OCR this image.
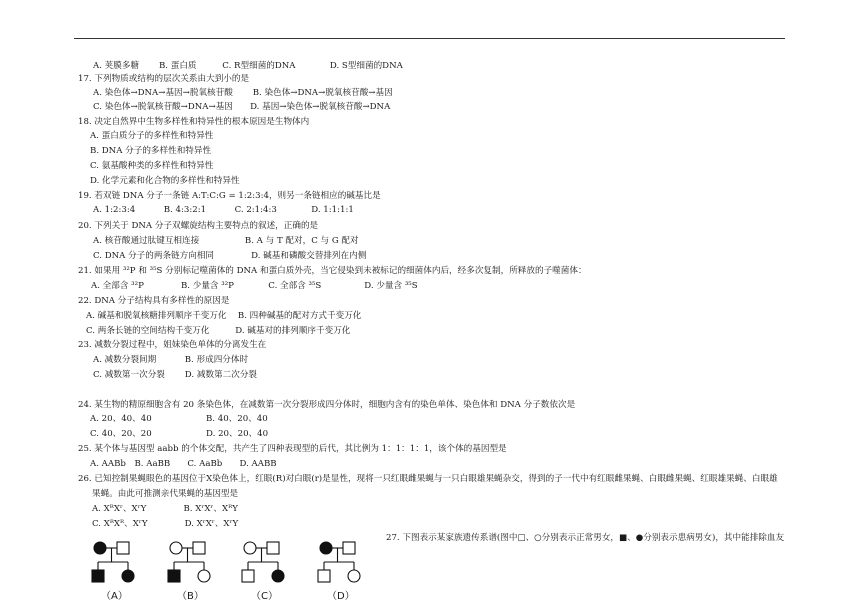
A. 荚膜多糖　　 B. 蛋白质　　　C. R型细菌的DNA　　　　D. S型细菌的DNA
17. 下列物质或结构的层次关系由大到小的是
A. 染色体→DNA→基因→脱氧核苷酸　　 B. 染色体→DNA→脱氧核苷酸→基因
C. 染色体→脱氧核苷酸→DNA→基因　　D. 基因→染色体→脱氧核苷酸→DNA
18. 决定自然界中生物多样性和特异性的根本原因是生物体内
A. 蛋白质分子的多样性和特异性
B. DNA 分子的多样性和特异性
C. 氨基酸种类的多样性和特异性
D. 化学元素和化合物的多样性和特异性
19. 若双链 DNA 分子一条链 A:T:C:G = 1:2:3:4，则另一条链相应的碱基比是
A. 1:2:3:4　　　 B. 4:3:2:1　　　 C. 2:1:4:3　　　　D. 1:1:1:1
20. 下列关于 DNA 分子双螺旋结构主要特点的叙述，正确的是
A. 核苷酸通过肽键互相连接　　　　　 B. A 与 T 配对，C 与 G 配对
C. DNA 分子的两条链方向相同　　　　 D. 碱基和磷酸交替排列在内侧
21. 如果用 ³²P 和 ³⁵S 分别标记噬菌体的 DNA 和蛋白质外壳，当它侵染到未被标记的细菌体内后，经多次复制，所释放的子噬菌体：
A. 全部含 ³²P　　　　 B. 少量含 ³²P　　　　C. 全部含 ³⁵S　　　　　D. 少量含 ³⁵S
22. DNA 分子结构具有多样性的原因是
A. 碱基和脱氧核糖排列顺序千变万化　 B. 四种碱基的配对方式千变万化
C. 两条长链的空间结构千变万化　　　D. 碱基对的排列顺序千变万化
23. 减数分裂过程中，姐妹染色单体的分离发生在
A. 减数分裂间期　　　 B. 形成四分体时
C. 减数第一次分裂　　 D. 减数第二次分裂
24. 某生物的精原细胞含有 20 条染色体，在减数第一次分裂形成四分体时，细胞内含有的染色单体、染色体和 DNA 分子数依次是
A. 20、40、40　　　　　　 B. 40、20、40
C. 40、20、20　　　　　　 D. 20、20、40
25. 某个体与基因型 aabb 的个体交配，共产生了四种表现型的后代，其比例为 1：1：1：1，该个体的基因型是
A. AABb　B. AaBB　　C. AaBb　　D. AABB
26. 已知控制果蝇眼色的基因位于X染色体上，红眼(R)对白眼(r)是显性，现将一只红眼雌果蝇与一只白眼雄果蝇杂交，得到的子一代中有红眼雌果蝇、白眼雌果蝇、红眼雄果蝇、白眼雄
果蝇。由此可推测亲代果蝇的基因型是
A. XᴿXʳ、XʳY　　　　 B. XʳXʳ、XᴿY
C. XᴿXᴿ、XʳY　　　　 D. XʳXʳ、XʳY
27. 下图表示某家族遗传系谱(图中□、○分别表示正常男女，■、●分别表示患病男女)，其中能排除血友
（A）	（B）	（C）	（D）
